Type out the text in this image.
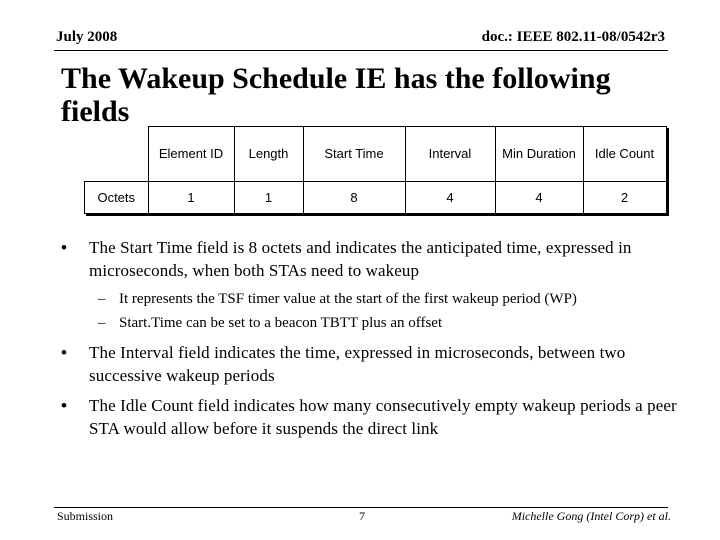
July 2008	doc.: IEEE 802.11-08/0542r3
The Wakeup Schedule IE has the following fields
	Element ID	Length	Start Time	Interval	Min Duration	Idle Count
Octets	1	1	8	4	4	2
• The Start Time field is 8 octets and indicates the anticipated time, expressed in microseconds, when both STAs need to wakeup
– It represents the TSF timer value at the start of the first wakeup period (WP)
– Start.Time can be set to a beacon TBTT plus an offset
• The Interval field indicates the time, expressed in microseconds, between two successive wakeup periods
• The Idle Count field indicates how many consecutively empty wakeup periods a peer STA would allow before it suspends the direct link
Submission	7	Michelle Gong (Intel Corp) et al.
